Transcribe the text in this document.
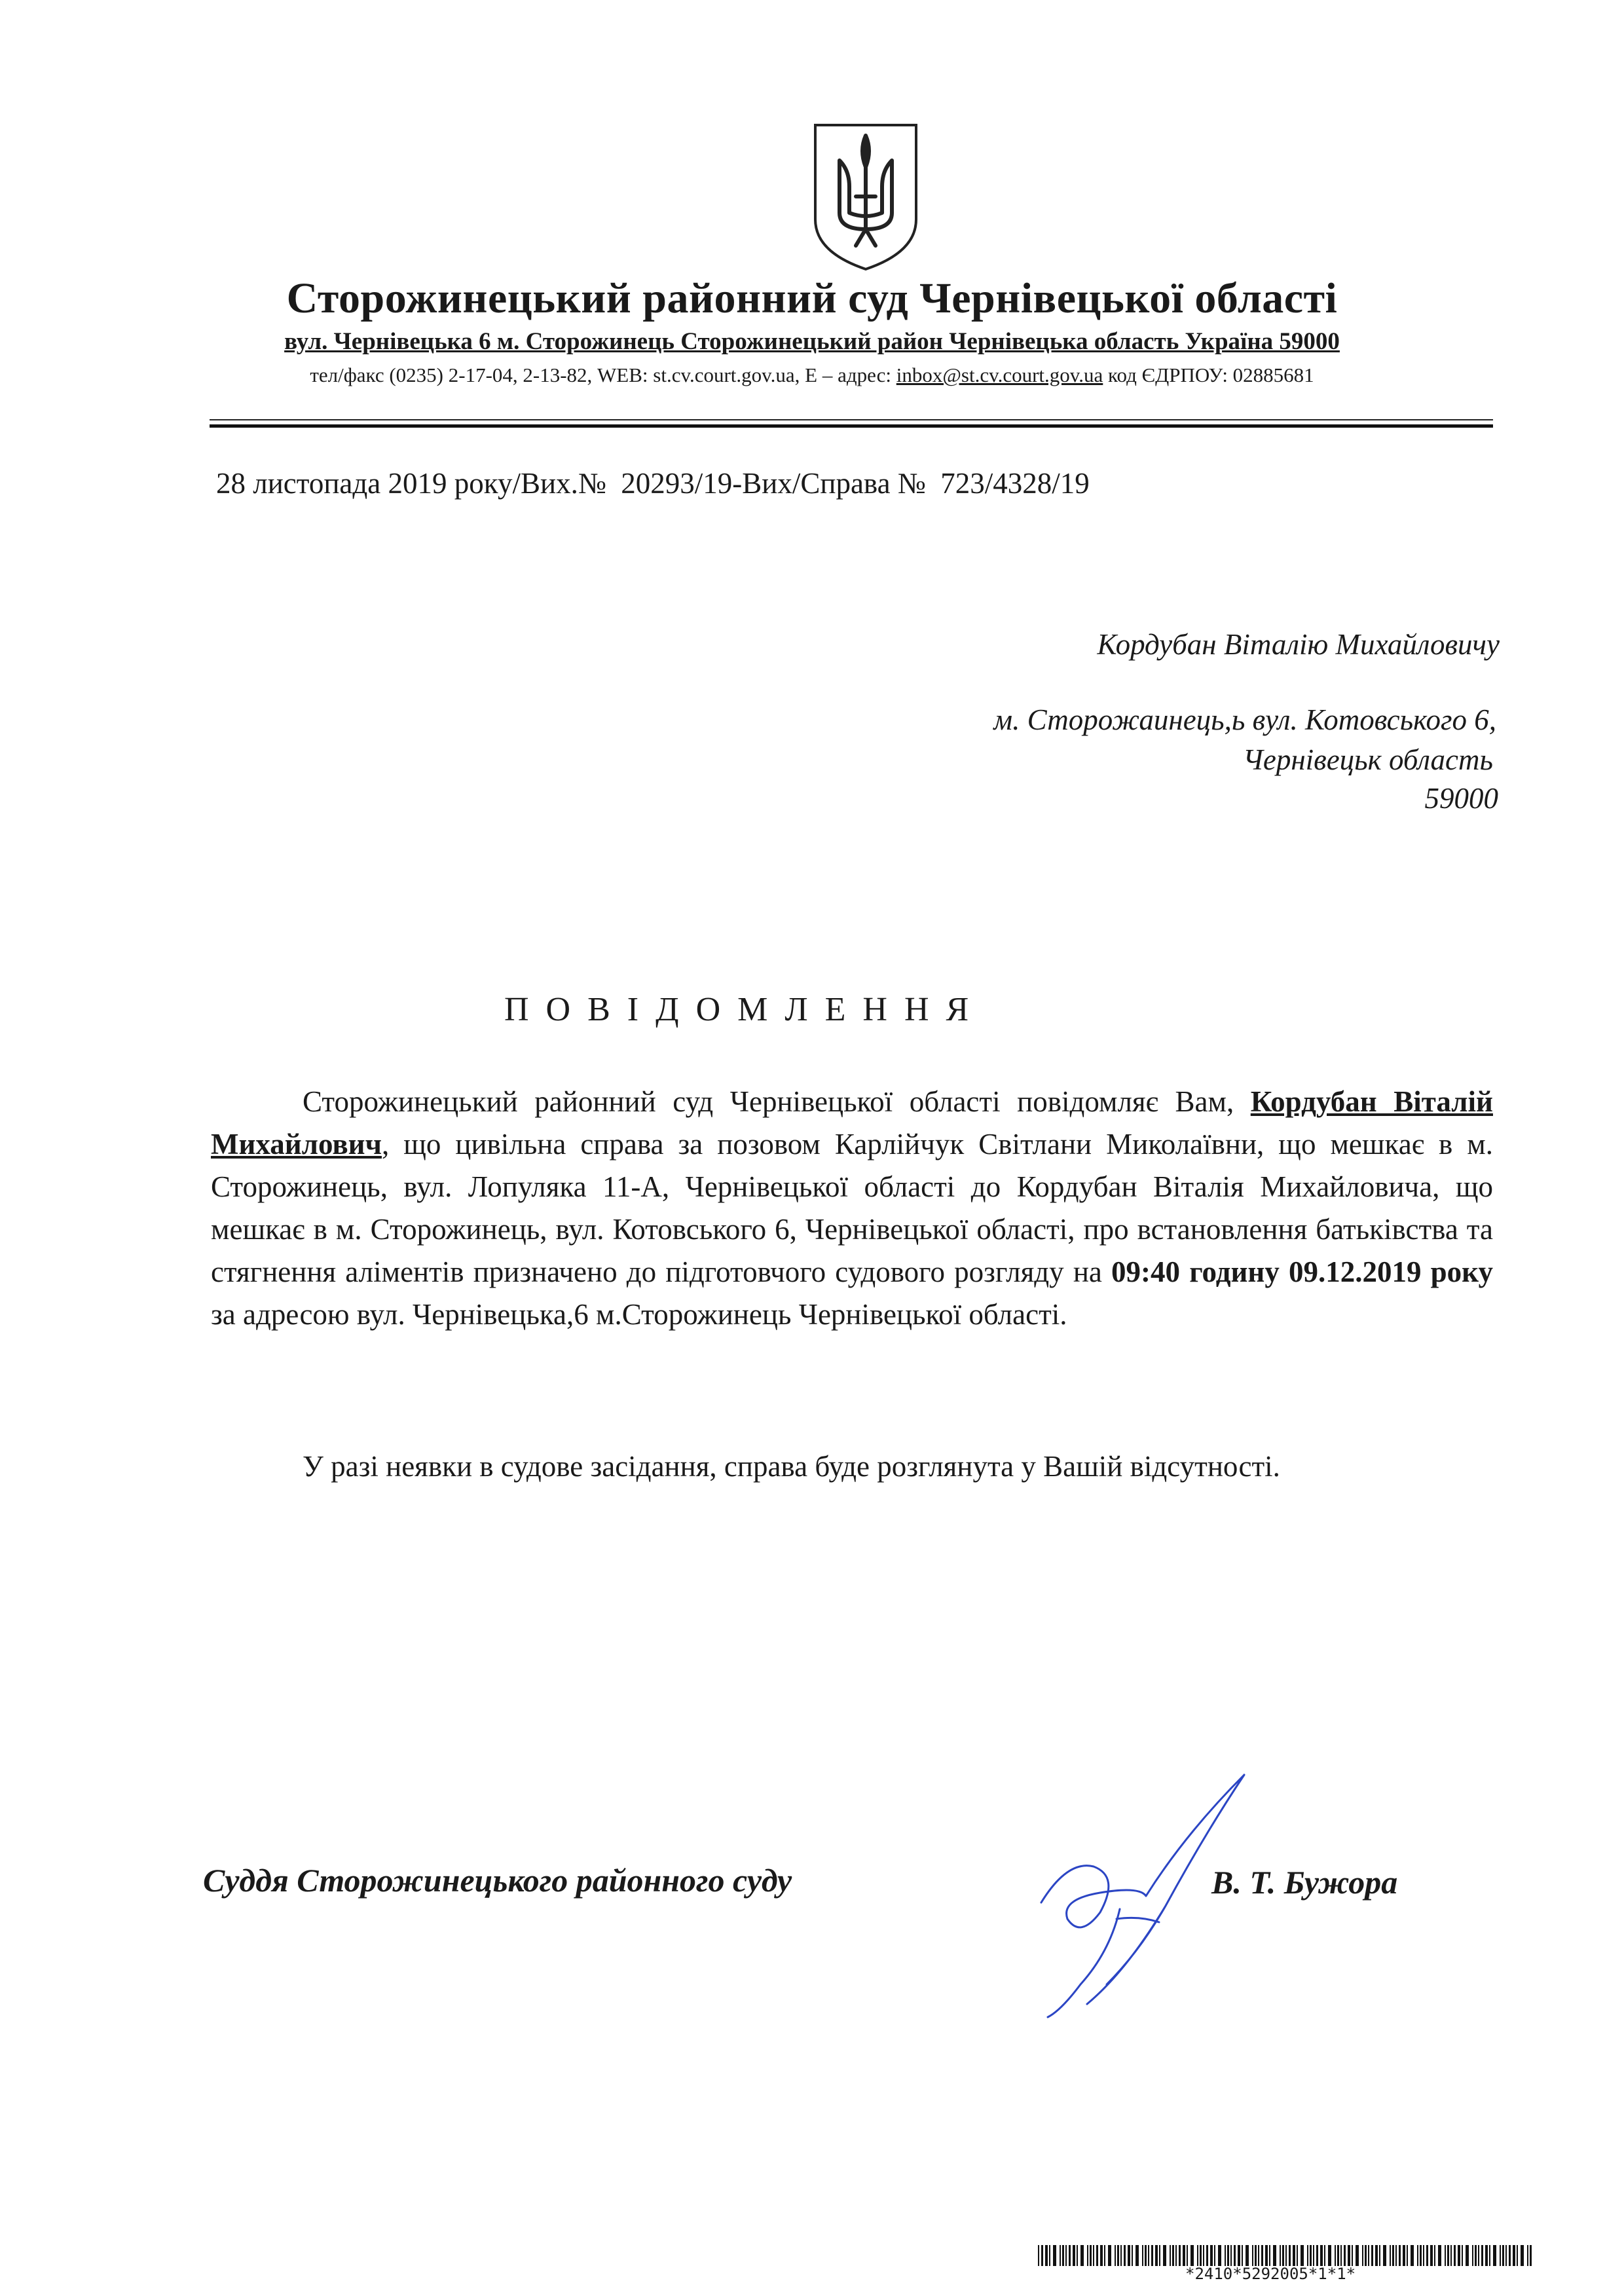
Сторожинецький районний суд Чернівецької області
вул. Чернівецька 6 м. Сторожинець Сторожинецький район Чернівецька область Україна 59000
тел/факс (0235) 2-17-04, 2-13-82, WEB: st.cv.court.gov.ua, E – адрес: inbox@st.cv.court.gov.ua код ЄДРПОУ: 02885681
28 листопада 2019 року/Вих.№  20293/19-Вих/Справа №  723/4328/19
Кордубан Віталію Михайловичу
м. Сторожаинець,ь вул. Котовського 6,
Чернівецьк область
59000
ПОВІДОМЛЕННЯ
Сторожинецький районний суд Чернівецької області повідомляє Вам, Кордубан Віталій Михайлович, що цивільна справа за позовом Карлійчук Світлани Миколаївни, що мешкає в м. Сторожинець, вул. Лопуляка 11-А, Чернівецької області до Кордубан Віталія Михайловича, що мешкає в м. Сторожинець, вул. Котовського 6, Чернівецької області, про встановлення батьківства та стягнення аліментів призначено до підготовчого судового розгляду на 09:40 годину 09.12.2019 року за адресою вул. Чернівецька,6 м.Сторожинець Чернівецької області.
У разі неявки в судове засідання, справа буде розглянута у Вашій відсутності.
Суддя Сторожинецького районного суду	В. Т. Бужора
*2410*5292005*1*1*
